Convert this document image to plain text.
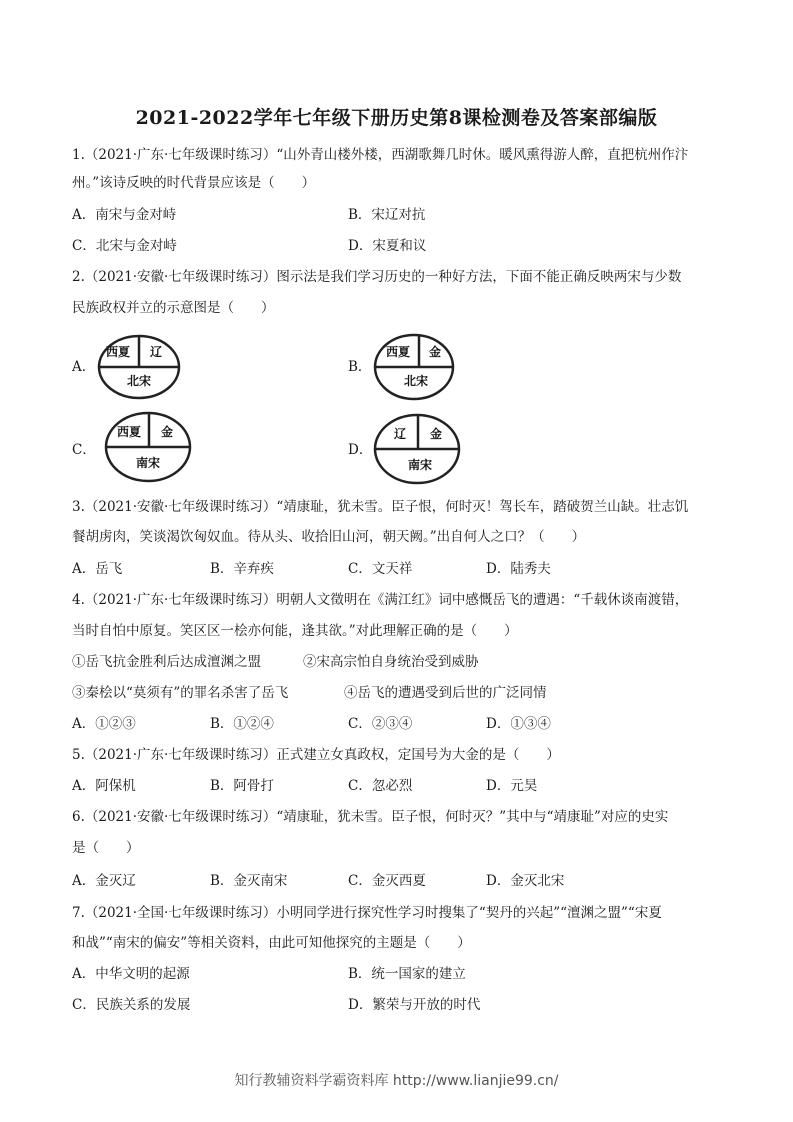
2021-2022学年七年级下册历史第8课检测卷及答案部编版
1.（2021·广东·七年级课时练习）“山外青山楼外楼，西湖歌舞几时休。暖风熏得游人醉，直把杭州作汴
州。”该诗反映的时代背景应该是（　　）
A．南宋与金对峙	B．宋辽对抗
C．北宋与金对峙	D．宋夏和议
2.（2021·安徽·七年级课时练习）图示法是我们学习历史的一种好方法，下面不能正确反映两宋与少数
民族政权并立的示意图是（　　）
A．
西夏 辽
北宋
B．
西夏 金
北宋
C．
西夏 金
南宋
D．
辽 金
南宋
3.（2021·安徽·七年级课时练习）“靖康耻，犹未雪。臣子恨，何时灭！驾长车，踏破贺兰山缺。壮志饥
餐胡虏肉，笑谈渴饮匈奴血。待从头、收拾旧山河，朝天阙。”出自何人之口？（　　）
A．岳飞	B．辛弃疾	C．文天祥	D．陆秀夫
4.（2021·广东·七年级课时练习）明朝人文徵明在《满江红》词中感慨岳飞的遭遇：“千载休谈南渡错，
当时自怕中原复。笑区区一桧亦何能，逢其欲。”对此理解正确的是（　　）
①岳飞抗金胜利后达成澶渊之盟	②宋高宗怕自身统治受到威胁
③秦桧以“莫须有”的罪名杀害了岳飞	④岳飞的遭遇受到后世的广泛同情
A．①②③	B．①②④	C．②③④	D．①③④
5.（2021·广东·七年级课时练习）正式建立女真政权，定国号为大金的是（　　）
A．阿保机	B．阿骨打	C．忽必烈	D．元昊
6.（2021·安徽·七年级课时练习）“靖康耻，犹未雪。臣子恨，何时灭？”其中与“靖康耻”对应的史实
是（　　）
A．金灭辽	B．金灭南宋	C．金灭西夏	D．金灭北宋
7.（2021·全国·七年级课时练习）小明同学进行探究性学习时搜集了“契丹的兴起”“澶渊之盟”“宋夏
和战”“南宋的偏安”等相关资料，由此可知他探究的主题是（　　）
A．中华文明的起源	B．统一国家的建立
C．民族关系的发展	D．繁荣与开放的时代
知行教辅资料学霸资料库 http://www.lianjie99.cn/
